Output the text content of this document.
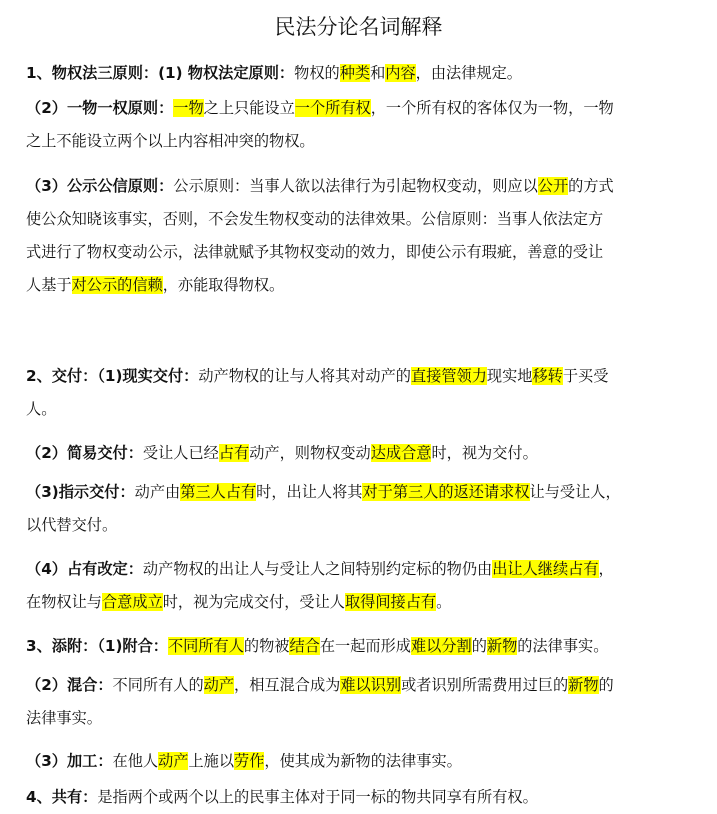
民法分论名词解释
1、物权法三原则：(1) 物权法定原则：物权的种类和内容，由法律规定。
（2）一物一权原则：一物之上只能设立一个所有权，一个所有权的客体仅为一物，一物
之上不能设立两个以上内容相冲突的物权。
（3）公示公信原则：公示原则：当事人欲以法律行为引起物权变动，则应以公开的方式
使公众知晓该事实，否则，不会发生物权变动的法律效果。公信原则：当事人依法定方
式进行了物权变动公示，法律就赋予其物权变动的效力，即使公示有瑕疵，善意的受让
人基于对公示的信赖，亦能取得物权。
2、交付：（1)现实交付：动产物权的让与人将其对动产的直接管领力现实地移转于买受
人。
（2）简易交付：受让人已经占有动产，则物权变动达成合意时，视为交付。
（3)指示交付：动产由第三人占有时，出让人将其对于第三人的返还请求权让与受让人，
以代替交付。
（4）占有改定：动产物权的出让人与受让人之间特别约定标的物仍由出让人继续占有，
在物权让与合意成立时，视为完成交付，受让人取得间接占有。
3、添附：（1)附合：不同所有人的物被结合在一起而形成难以分割的新物的法律事实。
（2）混合：不同所有人的动产，相互混合成为难以识别或者识别所需费用过巨的新物的
法律事实。
（3）加工：在他人动产上施以劳作，使其成为新物的法律事实。
4、共有：是指两个或两个以上的民事主体对于同一标的物共同享有所有权。
